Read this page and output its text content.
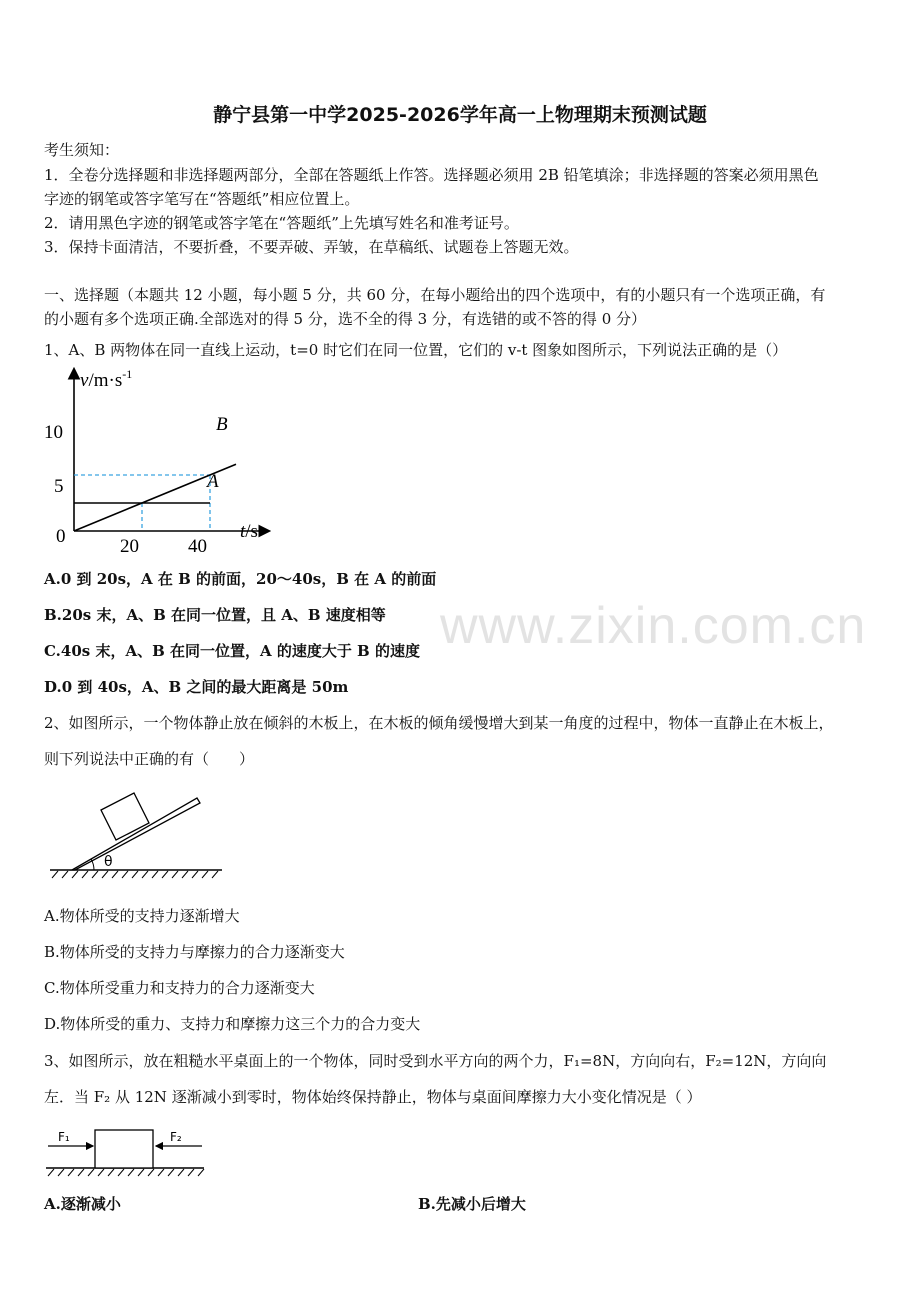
www.zixin.com.cn
静宁县第一中学2025-2026学年高一上物理期末预测试题
考生须知：
1．全卷分选择题和非选择题两部分，全部在答题纸上作答。选择题必须用 2B 铅笔填涂；非选择题的答案必须用黑色
字迹的钢笔或答字笔写在“答题纸”相应位置上。
2．请用黑色字迹的钢笔或答字笔在“答题纸”上先填写姓名和准考证号。
3．保持卡面清洁，不要折叠，不要弄破、弄皱，在草稿纸、试题卷上答题无效。
一、选择题（本题共 12 小题，每小题 5 分，共 60 分，在每小题给出的四个选项中，有的小题只有一个选项正确，有
的小题有多个选项正确.全部选对的得 5 分，选不全的得 3 分，有选错的或不答的得 0 分）
1、A、B 两物体在同一直线上运动，t=0 时它们在同一位置，它们的 v-t 图象如图所示，下列说法正确的是（）
$v/m\cdot s^{-1}$
t/s
10
5
0	20	40
B
A
A.0 到 20s，A 在 B 的前面，20～40s，B 在 A 的前面
B.20s 末，A、B 在同一位置，且 A、B 速度相等
C.40s 末，A、B 在同一位置，A 的速度大于 B 的速度
D.0 到 40s，A、B 之间的最大距离是 50m
2、如图所示，一个物体静止放在倾斜的木板上，在木板的倾角缓慢增大到某一角度的过程中，物体一直静止在木板上，
则下列说法中正确的有（　　）
θ
A.物体所受的支持力逐渐增大
B.物体所受的支持力与摩擦力的合力逐渐变大
C.物体所受重力和支持力的合力逐渐变大
D.物体所受的重力、支持力和摩擦力这三个力的合力变大
3、如图所示，放在粗糙水平桌面上的一个物体，同时受到水平方向的两个力，F₁=8N，方向向右，F₂=12N，方向向
左．当 F₂ 从 12N 逐渐减小到零时，物体始终保持静止，物体与桌面间摩擦力大小变化情况是（ ）
F₁	F₂
A.逐渐减小	B.先减小后增大
